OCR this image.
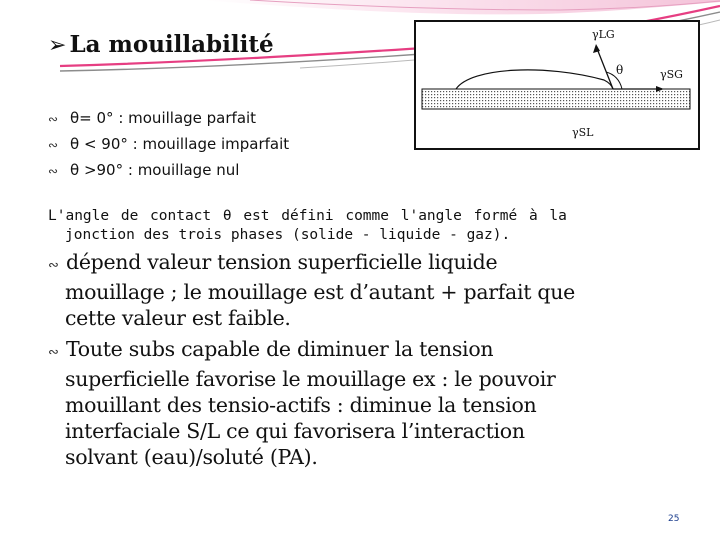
➢ La mouillabilité	γLG
θ	γSG
γSL
∾ θ= 0° : mouillage parfait
∾ θ < 90° : mouillage imparfait
∾ θ >90° : mouillage nul

L'angle de contact θ est défini comme l'angle formé à la
jonction des trois phases (solide - liquide - gaz).

∾ dépend valeur tension superficielle liquide
mouillage ; le mouillage est d’autant + parfait que
cette valeur est faible.

∾ Toute subs capable de diminuer la tension
superficielle favorise le mouillage ex : le pouvoir
mouillant des tensio-actifs : diminue la tension
interfaciale S/L ce qui favorisera l’interaction
solvant (eau)/soluté (PA).

25
